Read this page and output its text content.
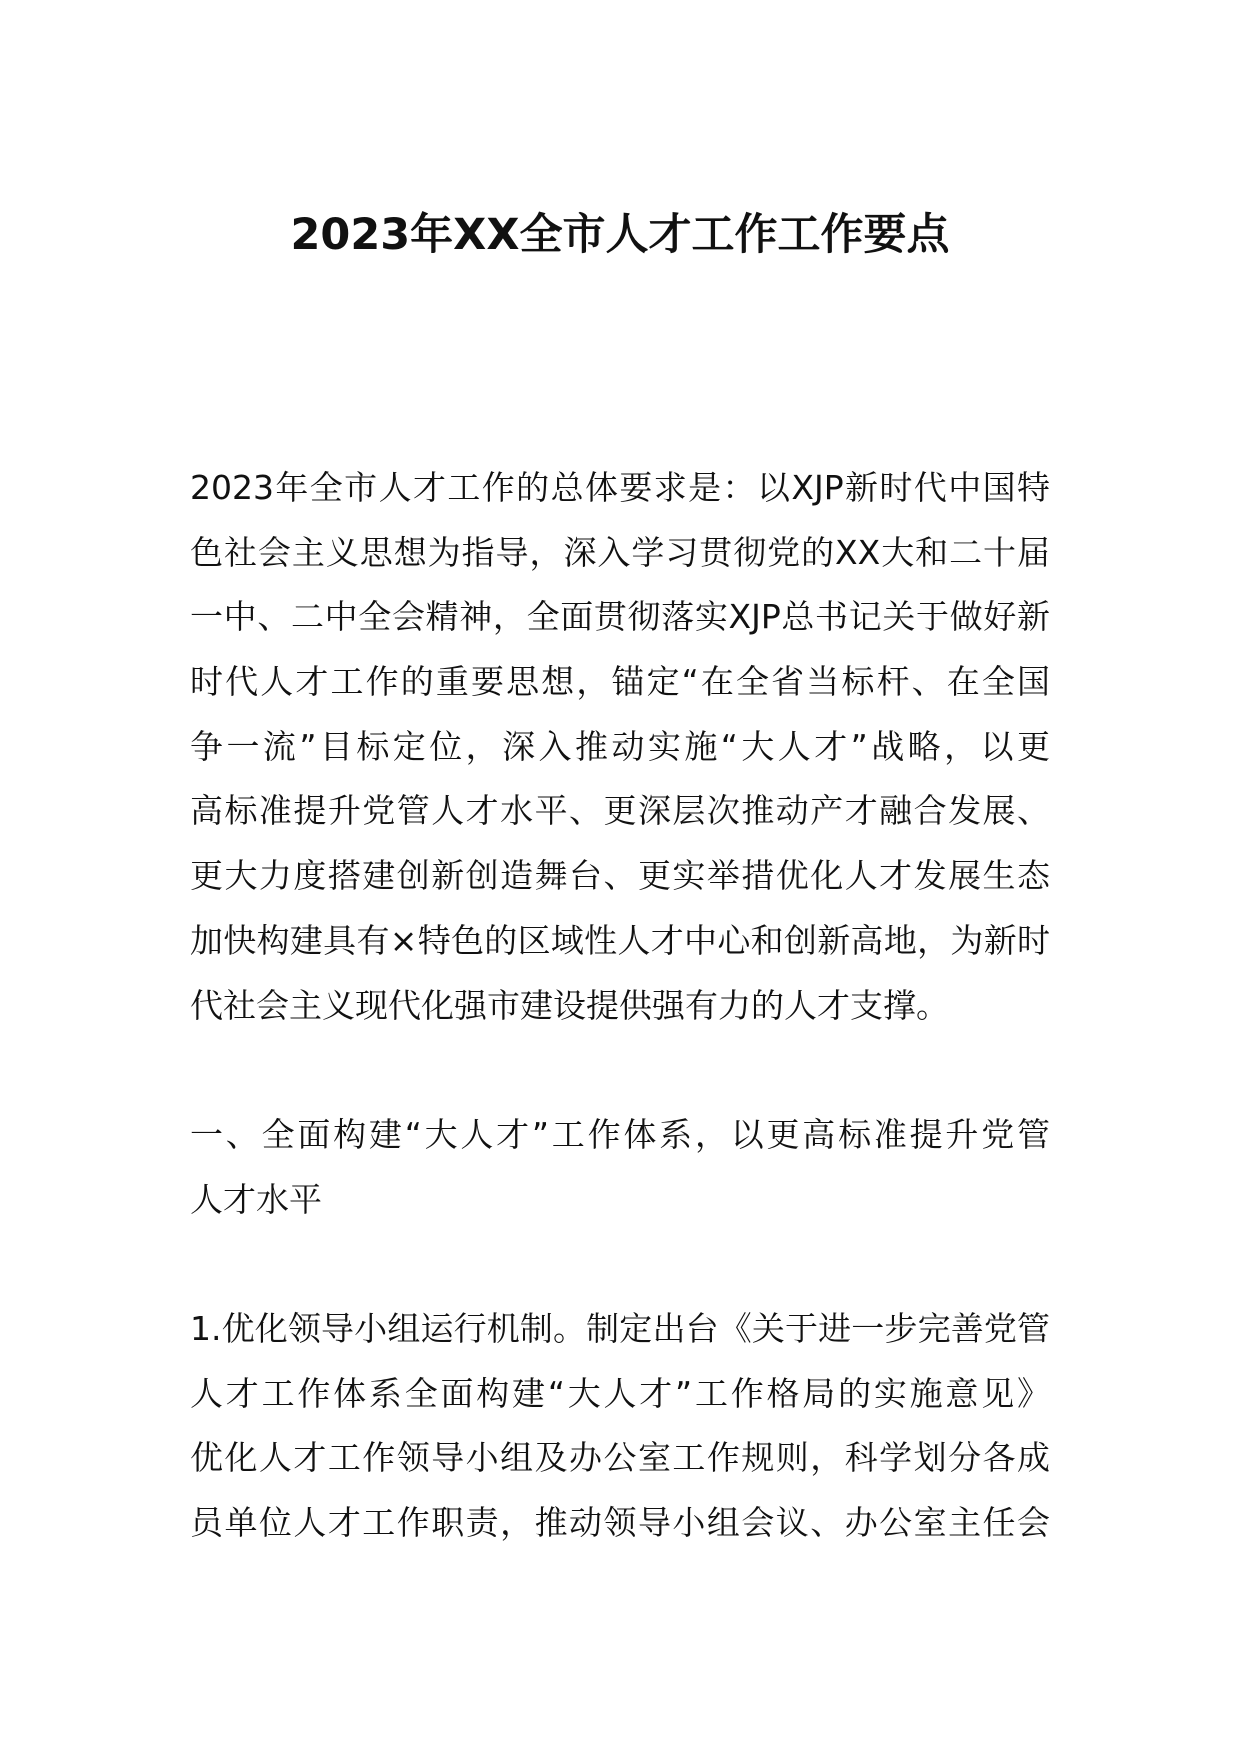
2023年XX全市人才工作工作要点
2023年全市人才工作的总体要求是：以XJP新时代中国特
色社会主义思想为指导，深入学习贯彻党的XX大和二十届
一中、二中全会精神，全面贯彻落实XJP总书记关于做好新
时代人才工作的重要思想，锚定“在全省当标杆、在全国
争一流”目标定位，深入推动实施“大人才”战略，以更
高标准提升党管人才水平、更深层次推动产才融合发展、
更大力度搭建创新创造舞台、更实举措优化人才发展生态
加快构建具有×特色的区域性人才中心和创新高地，为新时
代社会主义现代化强市建设提供强有力的人才支撑。
一、全面构建“大人才”工作体系，以更高标准提升党管
人才水平
1.优化领导小组运行机制。制定出台《关于进一步完善党管
人才工作体系全面构建“大人才”工作格局的实施意见》
优化人才工作领导小组及办公室工作规则，科学划分各成
员单位人才工作职责，推动领导小组会议、办公室主任会
